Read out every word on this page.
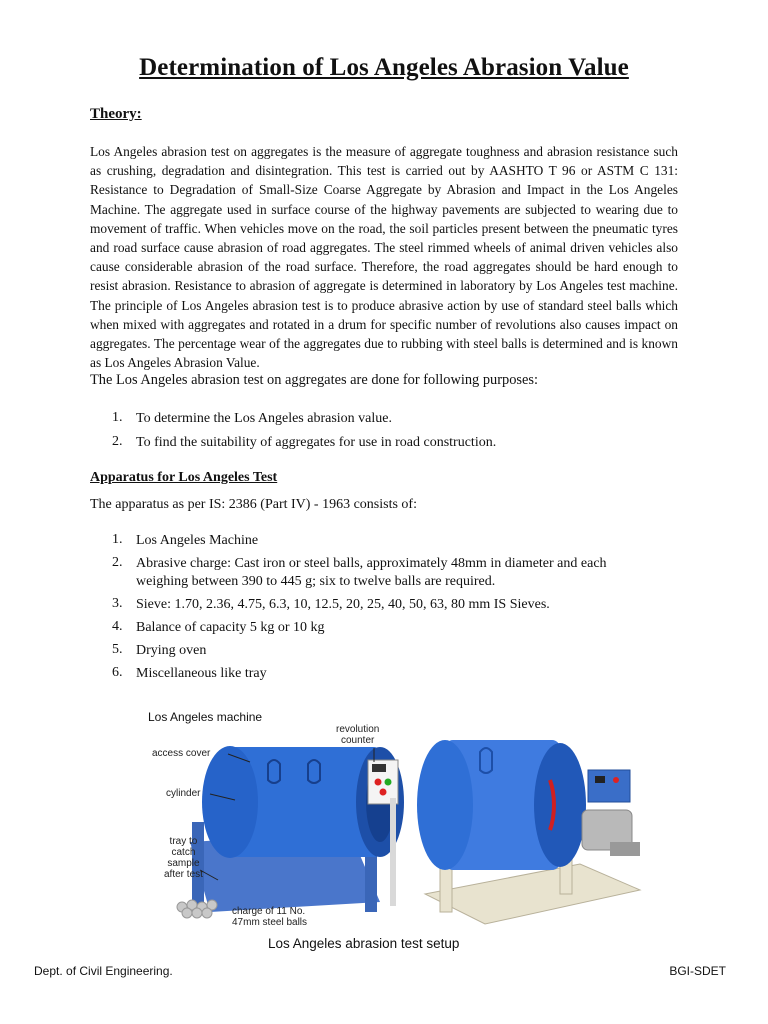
Determination of Los Angeles Abrasion Value
Theory:
Los Angeles abrasion test on aggregates is the measure of aggregate toughness and abrasion resistance such as crushing, degradation and disintegration. This test is carried out by AASHTO T 96 or ASTM C 131: Resistance to Degradation of Small-Size Coarse Aggregate by Abrasion and Impact in the Los Angeles Machine. The aggregate used in surface course of the highway pavements are subjected to wearing due to movement of traffic. When vehicles move on the road, the soil particles present between the pneumatic tyres and road surface cause abrasion of road aggregates. The steel rimmed wheels of animal driven vehicles also cause considerable abrasion of the road surface. Therefore, the road aggregates should be hard enough to resist abrasion. Resistance to abrasion of aggregate is determined in laboratory by Los Angeles test machine. The principle of Los Angeles abrasion test is to produce abrasive action by use of standard steel balls which when mixed with aggregates and rotated in a drum for specific number of revolutions also causes impact on aggregates. The percentage wear of the aggregates due to rubbing with steel balls is determined and is known as Los Angeles Abrasion Value.
The Los Angeles abrasion test on aggregates are done for following purposes:
1. To determine the Los Angeles abrasion value.
2. To find the suitability of aggregates for use in road construction.
Apparatus for Los Angeles Test
The apparatus as per IS: 2386 (Part IV) - 1963 consists of:
1. Los Angeles Machine
2. Abrasive charge: Cast iron or steel balls, approximately 48mm in diameter and each weighing between 390 to 445 g; six to twelve balls are required.
3. Sieve: 1.70, 2.36, 4.75, 6.3, 10, 12.5, 20, 25, 40, 50, 63, 80 mm IS Sieves.
4. Balance of capacity 5 kg or 10 kg
5. Drying oven
6. Miscellaneous like tray
Los Angeles machine
access cover
cylinder
tray to
catch
sample
after test
revolution
counter
charge of 11 No.
47mm steel balls
Los Angeles abrasion test setup
Dept. of Civil Engineering.	BGI-SDET
